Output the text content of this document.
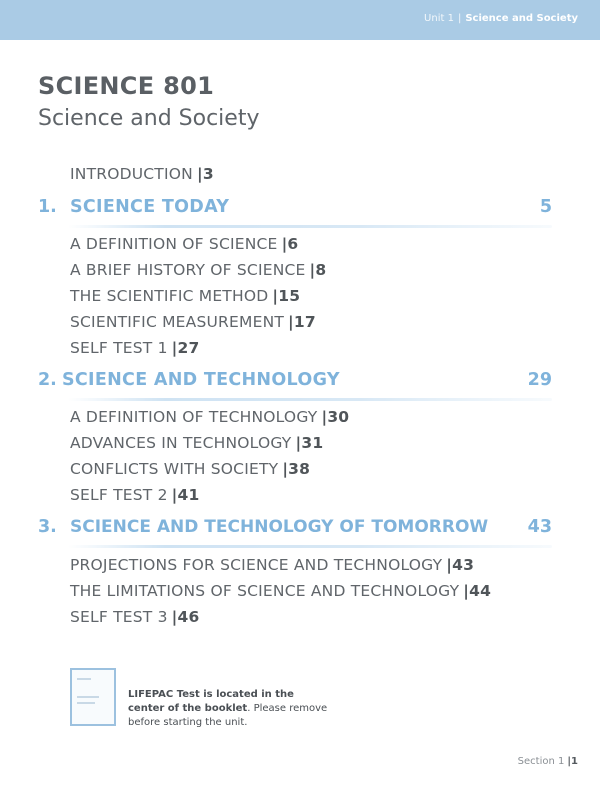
Unit 1 | Science and Society
SCIENCE 801
Science and Society
INTRODUCTION |3
1. SCIENCE TODAY	5
A DEFINITION OF SCIENCE |6
A BRIEF HISTORY OF SCIENCE |8
THE SCIENTIFIC METHOD |15
SCIENTIFIC MEASUREMENT |17
SELF TEST 1 |27
2. SCIENCE AND TECHNOLOGY	29
A DEFINITION OF TECHNOLOGY |30
ADVANCES IN TECHNOLOGY |31
CONFLICTS WITH SOCIETY |38
SELF TEST 2 |41
3. SCIENCE AND TECHNOLOGY OF TOMORROW 43
PROJECTIONS FOR SCIENCE AND TECHNOLOGY |43
THE LIMITATIONS OF SCIENCE AND TECHNOLOGY |44
SELF TEST 3 |46
LIFEPAC Test is located in the center of the booklet. Please remove before starting the unit.
Section 1 |1
